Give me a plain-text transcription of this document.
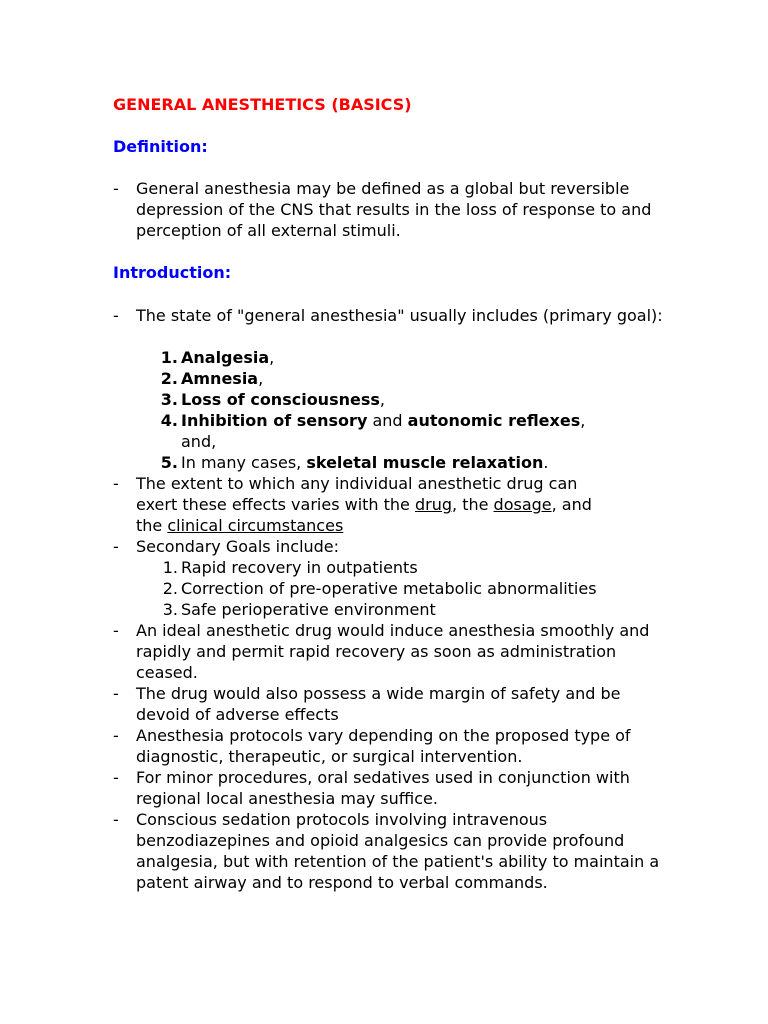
GENERAL ANESTHETICS (BASICS)
Definition:
- General anesthesia may be defined as a global but reversible depression of the CNS that results in the loss of response to and perception of all external stimuli.
Introduction:
- The state of "general anesthesia" usually includes (primary goal):
1. Analgesia,
2. Amnesia,
3. Loss of consciousness,
4. Inhibition of sensory and autonomic reflexes,
and,
5. In many cases, skeletal muscle relaxation.
- The extent to which any individual anesthetic drug can
exert these effects varies with the drug, the dosage, and
the clinical circumstances
- Secondary Goals include:
1. Rapid recovery in outpatients
2. Correction of pre-operative metabolic abnormalities
3. Safe perioperative environment
- An ideal anesthetic drug would induce anesthesia smoothly and rapidly and permit rapid recovery as soon as administration ceased.
- The drug would also possess a wide margin of safety and be devoid of adverse effects
- Anesthesia protocols vary depending on the proposed type of diagnostic, therapeutic, or surgical intervention.
- For minor procedures, oral sedatives used in conjunction with regional local anesthesia may suffice.
- Conscious sedation protocols involving intravenous benzodiazepines and opioid analgesics can provide profound analgesia, but with retention of the patient's ability to maintain a patent airway and to respond to verbal commands.
